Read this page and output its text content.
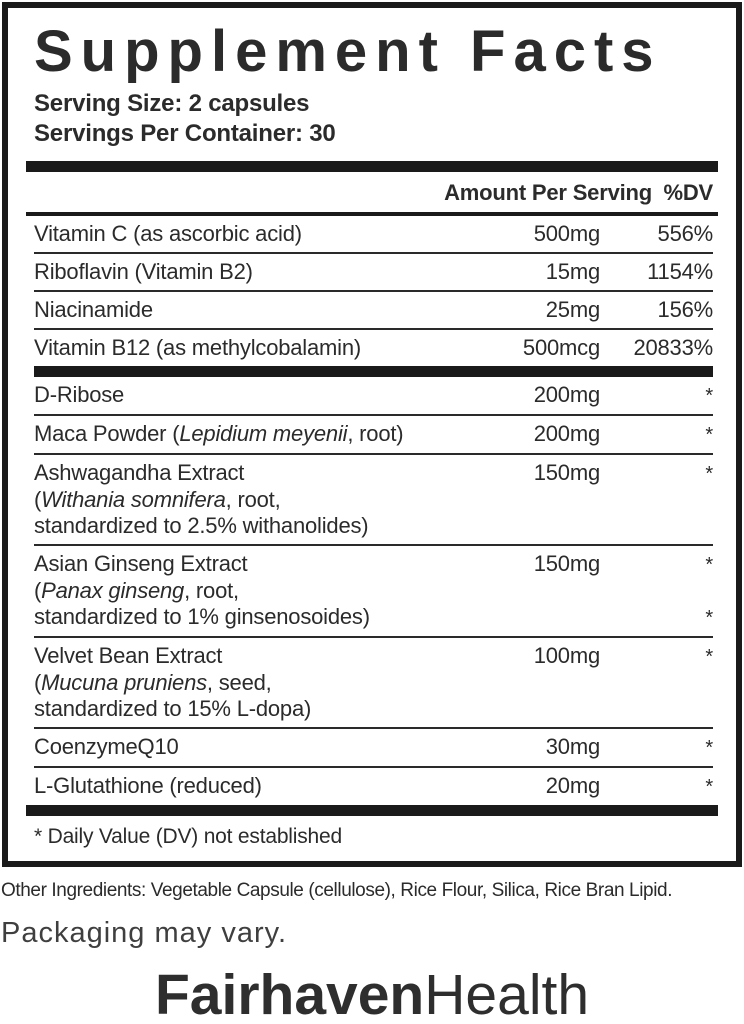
Supplement Facts
Serving Size: 2 capsules
Servings Per Container: 30
Amount Per Serving %DV
Vitamin C (as ascorbic acid)	500mg	556%
Riboflavin (Vitamin B2)	15mg	1154%
Niacinamide	25mg	156%
Vitamin B12 (as methylcobalamin)	500mcg	20833%
D-Ribose	200mg	*
Maca Powder (Lepidium meyenii, root)	200mg	*
Ashwagandha Extract	150mg	*
(Withania somnifera, root,
standardized to 2.5% withanolides)
Asian Ginseng Extract	150mg	*
(Panax ginseng, root,
standardized to 1% ginsenosoides)	*
Velvet Bean Extract	100mg	*
(Mucuna pruniens, seed,
standardized to 15% L-dopa)
CoenzymeQ10	30mg	*
L-Glutathione (reduced)	20mg	*
* Daily Value (DV) not established
Other Ingredients: Vegetable Capsule (cellulose), Rice Flour, Silica, Rice Bran Lipid.
Packaging may vary.
FairhavenHealth
